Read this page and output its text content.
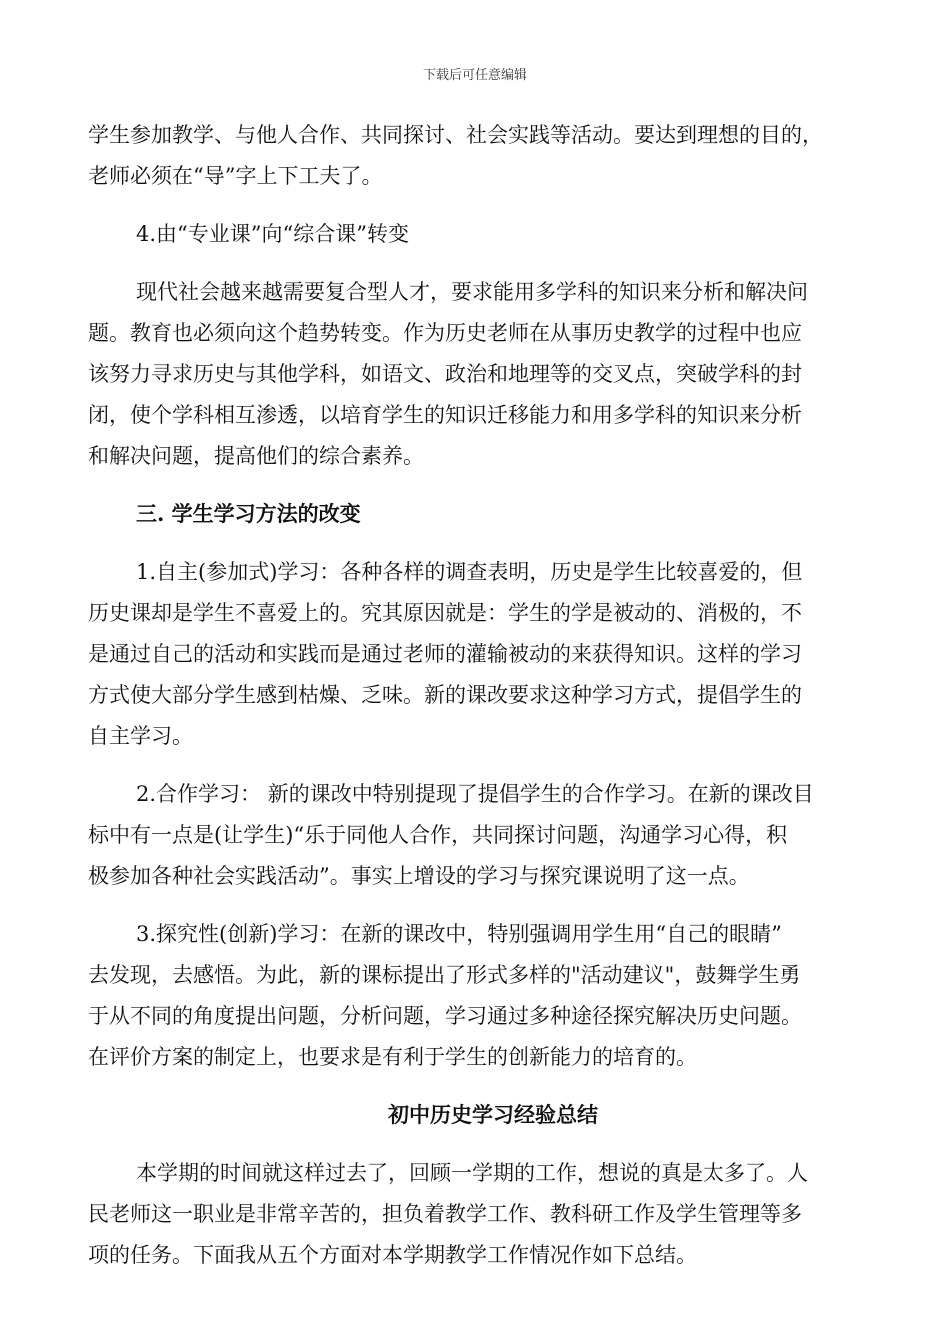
下载后可任意编辑
学生参加教学、与他人合作、共同探讨、社会实践等活动。要达到理想的目的，
老师必须在“导”字上下工夫了。
4.由“专业课”向“综合课”转变
现代社会越来越需要复合型人才，要求能用多学科的知识来分析和解决问
题。教育也必须向这个趋势转变。作为历史老师在从事历史教学的过程中也应
该努力寻求历史与其他学科，如语文、政治和地理等的交叉点，突破学科的封
闭，使个学科相互渗透，以培育学生的知识迁移能力和用多学科的知识来分析
和解决问题，提高他们的综合素养。
三. 学生学习方法的改变
1.自主(参加式)学习：各种各样的调查表明，历史是学生比较喜爱的，但
历史课却是学生不喜爱上的。究其原因就是：学生的学是被动的、消极的，不
是通过自己的活动和实践而是通过老师的灌输被动的来获得知识。这样的学习
方式使大部分学生感到枯燥、乏味。新的课改要求这种学习方式，提倡学生的
自主学习。
2.合作学习： 新的课改中特别提现了提倡学生的合作学习。在新的课改目
标中有一点是(让学生)“乐于同他人合作，共同探讨问题，沟通学习心得，积
极参加各种社会实践活动”。事实上增设的学习与探究课说明了这一点。
3.探究性(创新)学习：在新的课改中，特别强调用学生用“自己的眼睛”
去发现，去感悟。为此，新的课标提出了形式多样的"活动建议"，鼓舞学生勇
于从不同的角度提出问题，分析问题，学习通过多种途径探究解决历史问题。
在评价方案的制定上，也要求是有利于学生的创新能力的培育的。
初中历史学习经验总结
本学期的时间就这样过去了，回顾一学期的工作，想说的真是太多了。人
民老师这一职业是非常辛苦的，担负着教学工作、教科研工作及学生管理等多
项的任务。下面我从五个方面对本学期教学工作情况作如下总结。
